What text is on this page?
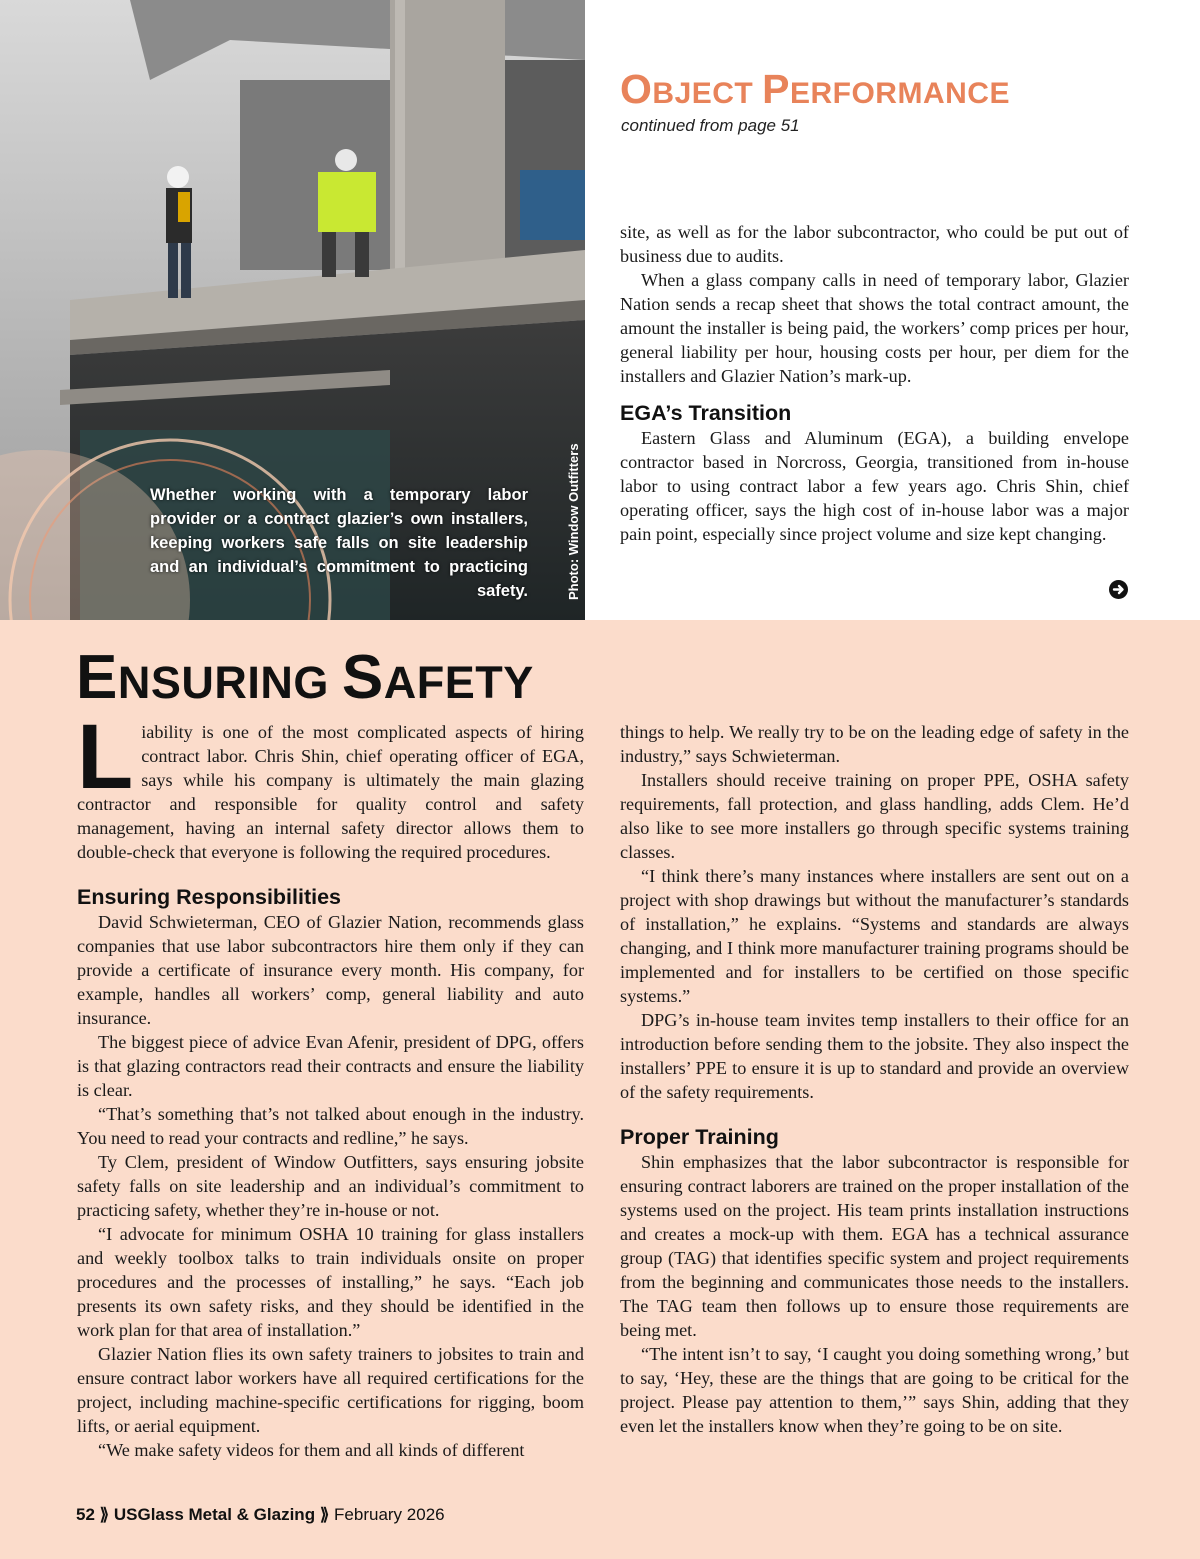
Whether working with a temporary labor provider or a contract glazier’s own installers, keeping workers safe falls on site leadership and an individual’s commitment to practicing safety.	Photo: Window Outfitters
OBJECT PERFORMANCE
continued from page 51

site, as well as for the labor subcontractor, who could be put out of business due to audits.

When a glass company calls in need of temporary labor, Glazier Nation sends a recap sheet that shows the total contract amount, the amount the installer is being paid, the workers’ comp prices per hour, general liability per hour, housing costs per hour, per diem for the installers and Glazier Nation’s mark-up.

EGA’s Transition

Eastern Glass and Aluminum (EGA), a building envelope contractor based in Norcross, Georgia, transitioned from in-house labor to using contract labor a few years ago. Chris Shin, chief operating officer, says the high cost of in-house labor was a major pain point, especially since project volume and size kept changing.

ENSURING SAFETY

Liability is one of the most complicated aspects of hiring contract labor. Chris Shin, chief operating officer of EGA, says while his company is ultimately the main glazing contractor and responsible for quality control and safety management, having an internal safety director allows them to double-check that everyone is following the required procedures.

Ensuring Responsibilities

David Schwieterman, CEO of Glazier Nation, recommends glass companies that use labor subcontractors hire them only if they can provide a certificate of insurance every month. His company, for example, handles all workers’ comp, general liability and auto insurance.

The biggest piece of advice Evan Afenir, president of DPG, offers is that glazing contractors read their contracts and ensure the liability is clear.

“That’s something that’s not talked about enough in the industry. You need to read your contracts and redline,” he says.

Ty Clem, president of Window Outfitters, says ensuring jobsite safety falls on site leadership and an individual’s commitment to practicing safety, whether they’re in-house or not.

“I advocate for minimum OSHA 10 training for glass installers and weekly toolbox talks to train individuals onsite on proper procedures and the processes of installing,” he says. “Each job presents its own safety risks, and they should be identified in the work plan for that area of installation.”

Glazier Nation flies its own safety trainers to jobsites to train and ensure contract labor workers have all required certifications for the project, including machine-specific certifications for rigging, boom lifts, or aerial equipment.

“We make safety videos for them and all kinds of different

things to help. We really try to be on the leading edge of safety in the industry,” says Schwieterman.

Installers should receive training on proper PPE, OSHA safety requirements, fall protection, and glass handling, adds Clem. He’d also like to see more installers go through specific systems training classes.

“I think there’s many instances where installers are sent out on a project with shop drawings but without the manufacturer’s standards of installation,” he explains. “Systems and standards are always changing, and I think more manufacturer training programs should be implemented and for installers to be certified on those specific systems.”

DPG’s in-house team invites temp installers to their office for an introduction before sending them to the jobsite. They also inspect the installers’ PPE to ensure it is up to standard and provide an overview of the safety requirements.

Proper Training

Shin emphasizes that the labor subcontractor is responsible for ensuring contract laborers are trained on the proper installation of the systems used on the project. His team prints installation instructions and creates a mock-up with them. EGA has a technical assurance group (TAG) that identifies specific system and project requirements from the beginning and communicates those needs to the installers. The TAG team then follows up to ensure those requirements are being met.

“The intent isn’t to say, ‘I caught you doing something wrong,’ but to say, ‘Hey, these are the things that are going to be critical for the project. Please pay attention to them,’” says Shin, adding that they even let the installers know when they’re going to be on site.

52 ⟫ USGlass Metal & Glazing ⟫ February 2026
